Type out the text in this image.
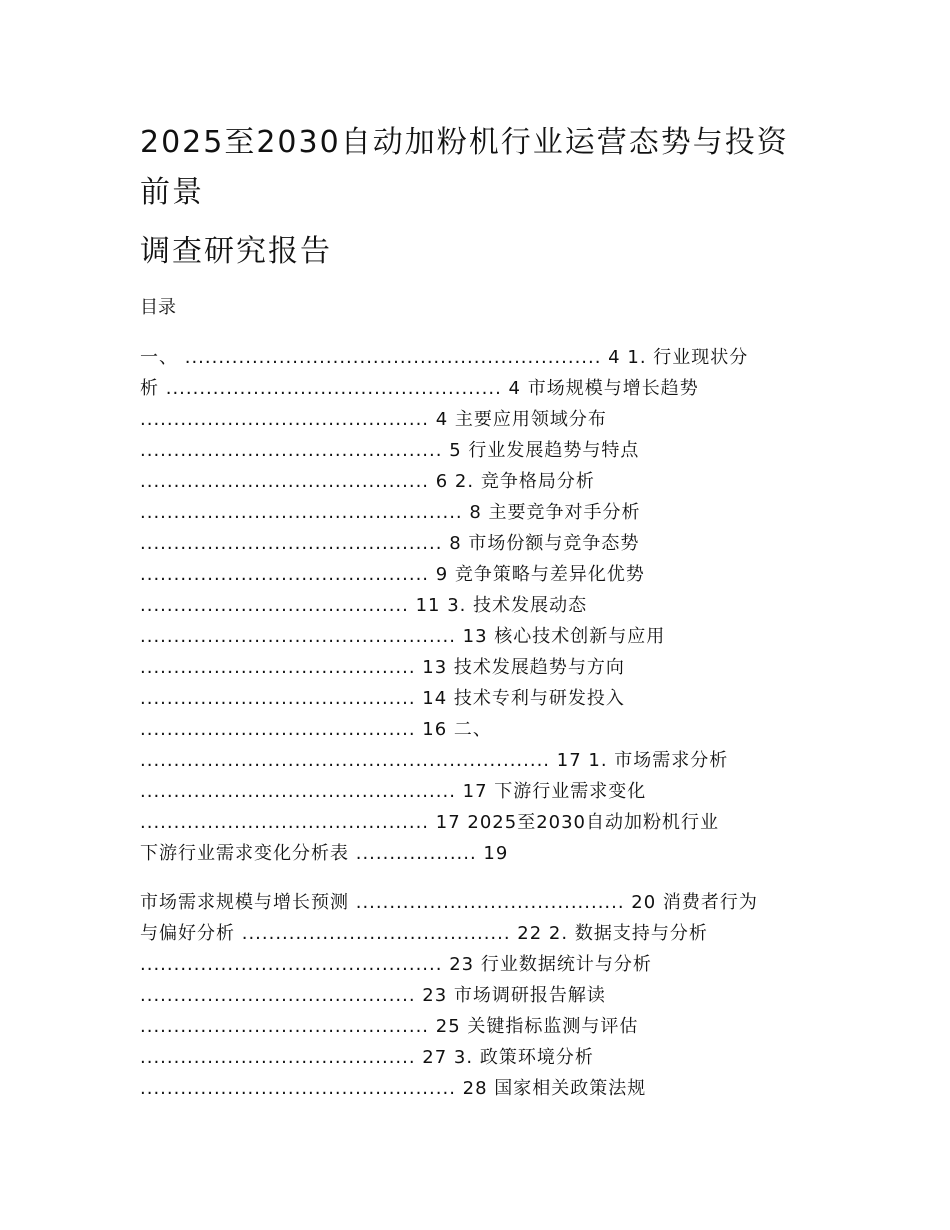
2025至2030自动加粉机行业运营态势与投资前景
调查研究报告
目录
一、 .............................................................. 4 1. 行业现状分
析 .................................................. 4 市场规模与增长趋势
........................................... 4 主要应用领域分布
............................................. 5 行业发展趋势与特点
........................................... 6 2. 竞争格局分析
................................................ 8 主要竞争对手分析
............................................. 8 市场份额与竞争态势
........................................... 9 竞争策略与差异化优势
........................................ 11 3. 技术发展动态
............................................... 13 核心技术创新与应用
......................................... 13 技术发展趋势与方向
......................................... 14 技术专利与研发投入
......................................... 16 二、
............................................................. 17 1. 市场需求分析
............................................... 17 下游行业需求变化
........................................... 17 2025至2030自动加粉机行业
下游行业需求变化分析表 .................. 19
市场需求规模与增长预测 ........................................ 20 消费者行为
与偏好分析 ........................................ 22 2. 数据支持与分析
............................................. 23 行业数据统计与分析
......................................... 23 市场调研报告解读
........................................... 25 关键指标监测与评估
......................................... 27 3. 政策环境分析
............................................... 28 国家相关政策法规
